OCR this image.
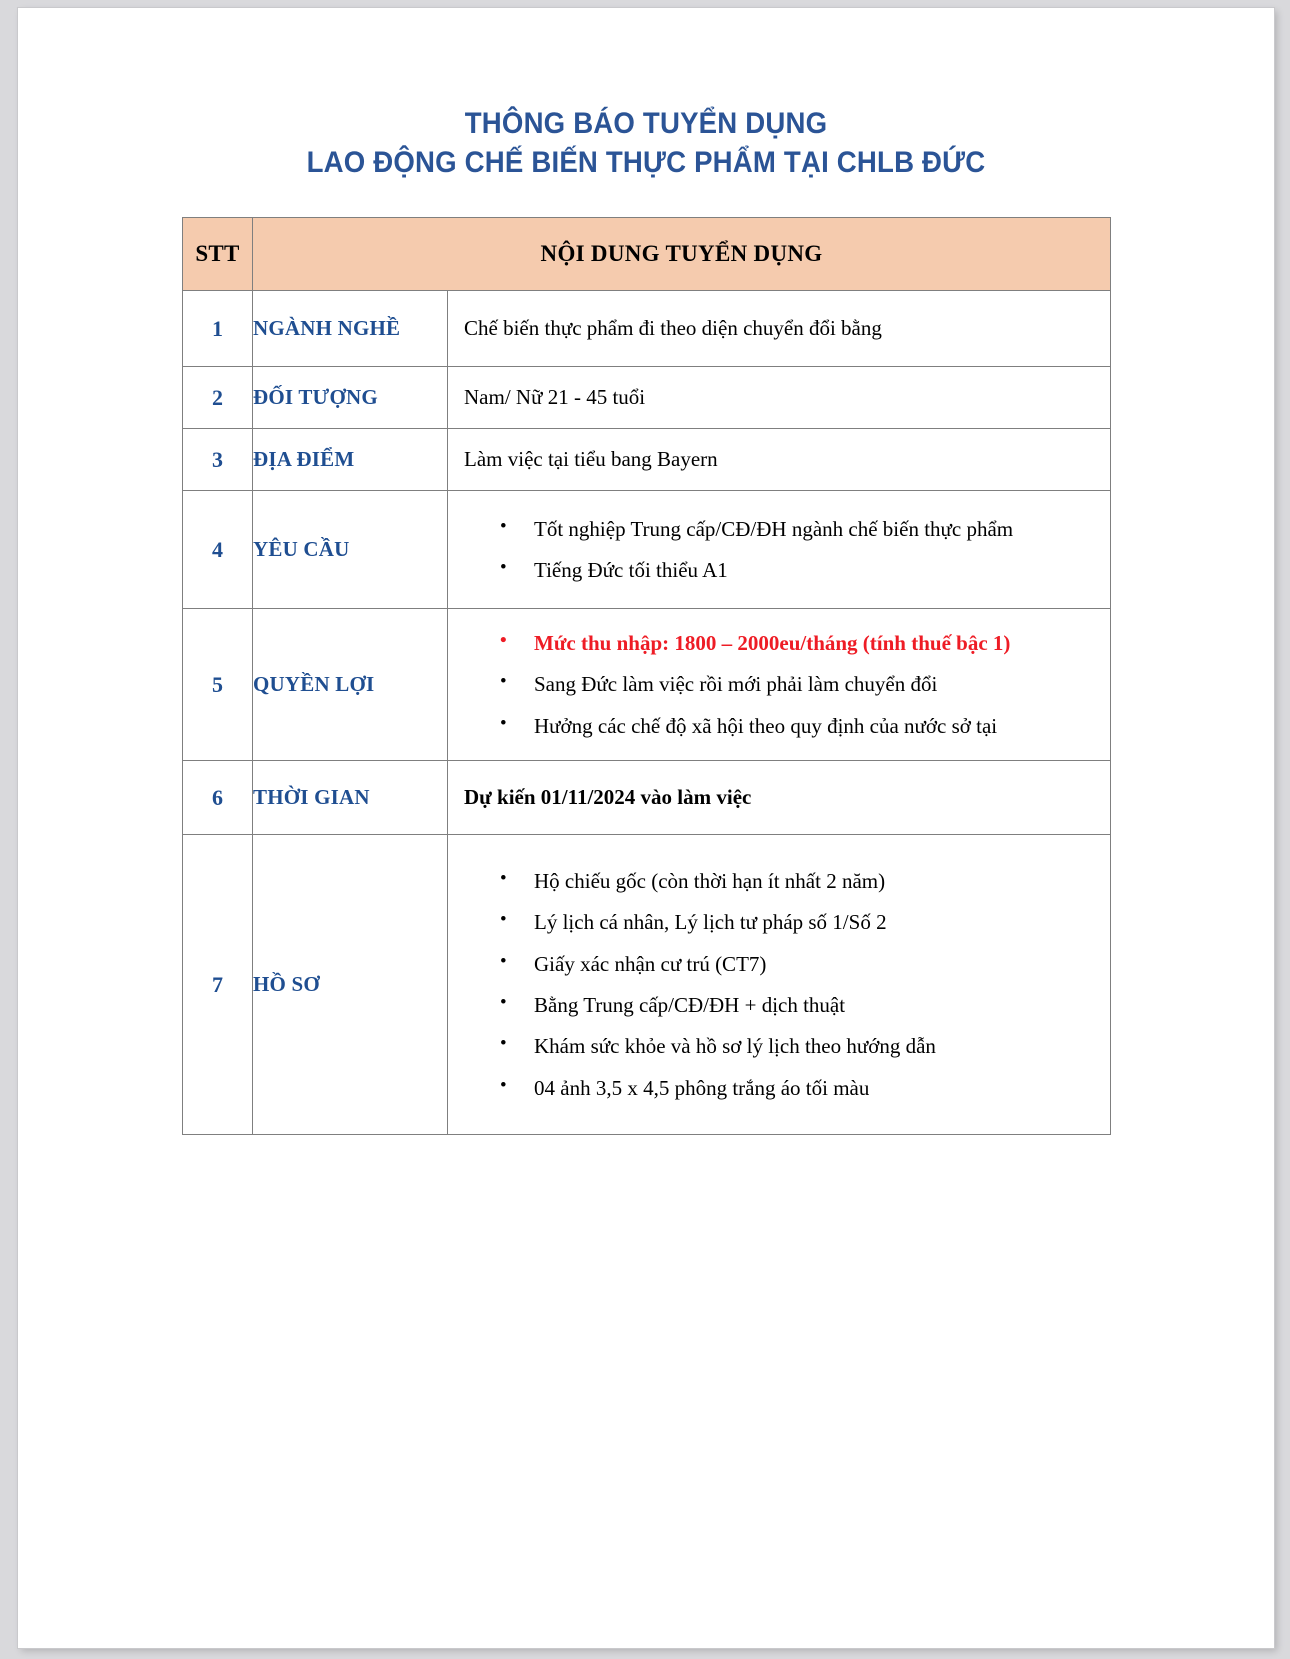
THÔNG BÁO TUYỂN DỤNG
LAO ĐỘNG CHẾ BIẾN THỰC PHẨM TẠI CHLB ĐỨC
STT	NỘI DUNG TUYỂN DỤNG	
1	NGÀNH NGHỀ	Chế biến thực phẩm đi theo diện chuyển đổi bằng
2	ĐỐI TƯỢNG	Nam/ Nữ 21 - 45 tuổi
3	ĐỊA ĐIỂM	Làm việc tại tiểu bang Bayern
4	YÊU CẦU	
• Tốt nghiệp Trung cấp/CĐ/ĐH ngành chế biến thực phẩm
• Tiếng Đức tối thiểu A1

5	QUYỀN LỢI	
• Mức thu nhập: 1800 – 2000eu/tháng (tính thuế bậc 1)
• Sang Đức làm việc rồi mới phải làm chuyển đổi
• Hưởng các chế độ xã hội theo quy định của nước sở tại

6	THỜI GIAN	Dự kiến 01/11/2024 vào làm việc
7	HỒ SƠ	
• Hộ chiếu gốc (còn thời hạn ít nhất 2 năm)
• Lý lịch cá nhân, Lý lịch tư pháp số 1/Số 2
• Giấy xác nhận cư trú (CT7)
• Bằng Trung cấp/CĐ/ĐH + dịch thuật
• Khám sức khỏe và hồ sơ lý lịch theo hướng dẫn
• 04 ảnh 3,5 x 4,5 phông trắng áo tối màu
